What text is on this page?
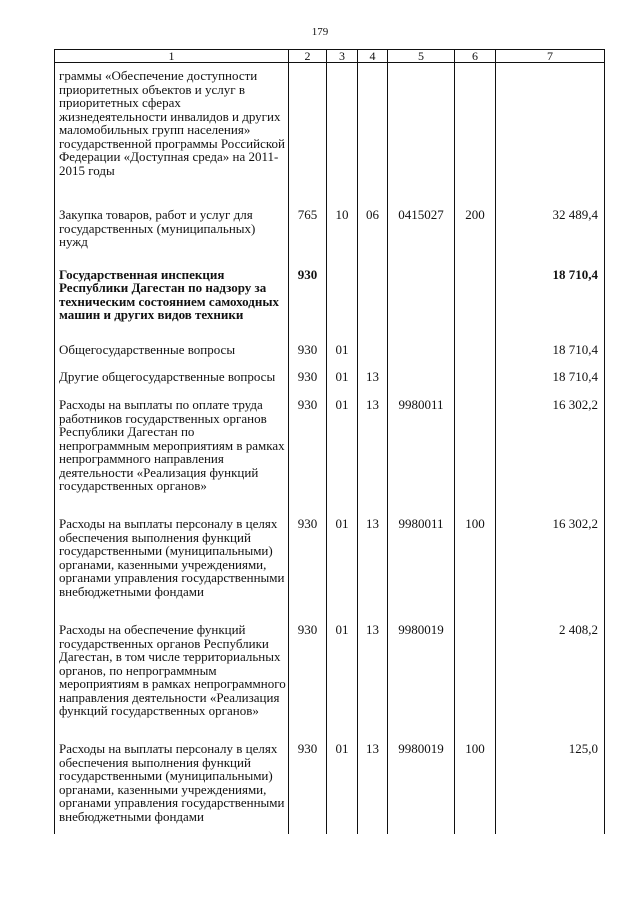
179
1	2	3	4	5	6	7
граммы «Обеспечение доступности приоритетных объектов и услуг в приоритетных сферах жизнедеятельности инвалидов и других маломобильных групп населения» государственной программы Российской Федерации «Доступная среда» на 2011-2015 годы						
Закупка товаров, работ и услуг для государственных (муниципальных) нужд	765	10	06	0415027	200	32 489,4
Государственная инспекция Республики Дагестан по надзору за техническим состоянием самоходных машин и других видов техники	930					18 710,4
Общегосударственные вопросы	930	01				18 710,4
Другие общегосударственные вопросы	930	01	13			18 710,4
Расходы на выплаты по оплате труда работников государственных органов Республики Дагестан по непрограммным мероприятиям в рамках непрограммного направления деятельности «Реализация функций государственных органов»	930	01	13	9980011		16 302,2
Расходы на выплаты персоналу в целях обеспечения выполнения функций государственными (муниципальными) органами, казенными учреждениями, органами управления государственными внебюджетными фондами	930	01	13	9980011	100	16 302,2
Расходы на обеспечение функций государственных органов Республики Дагестан, в том числе территориальных органов, по непрограммным мероприятиям в рамках непрограммного направления деятельности «Реализация функций государственных органов»	930	01	13	9980019		2 408,2
Расходы на выплаты персоналу в целях обеспечения выполнения функций государственными (муниципальными) органами, казенными учреждениями, органами управления государственными внебюджетными фондами	930	01	13	9980019	100	125,0
